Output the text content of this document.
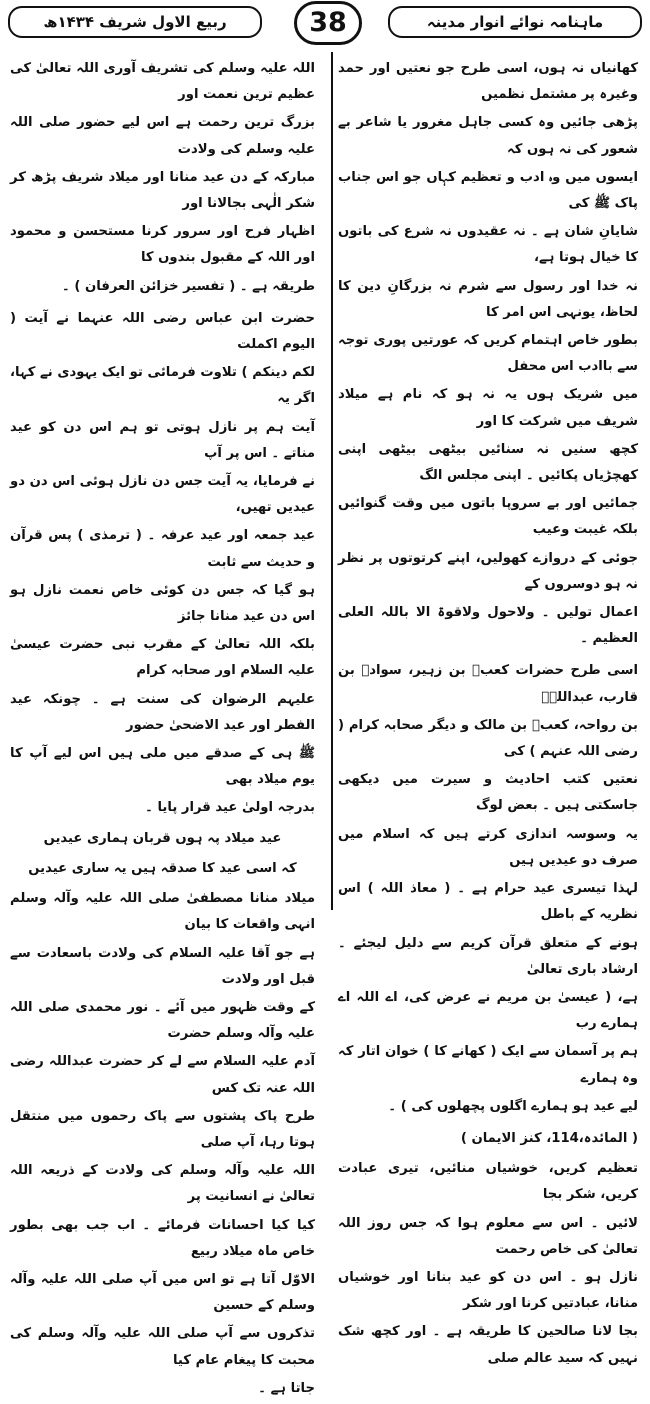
ماہنامہ نوائے انوار مدینہ
38
ربیع الاول شریف ۱۴۳۴ھ

کھانیاں نہ ہوں، اسی طرح جو نعتیں اور حمد وغیرہ پر مشتمل نظمیں

پڑھی جائیں وہ کسی جاہل مغرور یا شاعر بے شعور کی نہ ہوں کہ

ایسوں میں وہ ادب و تعظیم کہاں جو اس جناب پاک ﷺ کی

شایانِ شان ہے ۔ نہ عقیدوں نہ شرع کی باتوں کا خیال ہوتا ہے،

نہ خدا اور رسول سے شرم نہ بزرگانِ دین کا لحاظ، یونہی اس امر کا

بطور خاص اہتمام کریں کہ عورتیں پوری توجہ سے باادب اس محفل

میں شریک ہوں یہ نہ ہو کہ نام ہے میلاد شریف میں شرکت کا اور

کچھ سنیں نہ سنائیں بیٹھی بیٹھی اپنی کھچڑیاں پکائیں ۔ اپنی مجلس الگ

جمائیں اور بے سروپا باتوں میں وقت گنوائیں بلکہ غیبت وعیب

جوئی کے دروازے کھولیں، اپنے کرتوتوں پر نظر نہ ہو دوسروں کے

اعمال تولیں ۔ ولاحول ولاقوۃ الا باللہ العلی العظیم ۔

اسی طرح حضرات کعبؓ بن زہیر، سوادؓ بن قارب، عبداللہؓ

بن رواحہ، کعبؓ بن مالک و دیگر صحابہ کرام ( رضی اللہ عنہم ) کی

نعتیں کتب احادیث و سیرت میں دیکھی جاسکتی ہیں ۔ بعض لوگ

یہ وسوسہ اندازی کرتے ہیں کہ اسلام میں صرف دو عیدیں ہیں

لہذا تیسری عید حرام ہے ۔ ( معاذ اللہ ) اس نظریہ کے باطل

ہونے کے متعلق قرآن کریم سے دلیل لیجئے ۔ ارشاد باری تعالیٰ

ہے، ( عیسیٰ بن مریم نے عرض کی، اے اللہ اے ہمارے رب

ہم پر آسمان سے ایک ( کھانے کا ) خوان اتار کہ وہ ہمارے

لیے عید ہو ہمارے اگلوں پچھلوں کی ) ۔

( المائدہ،114، کنز الایمان )

تعظیم کریں، خوشیاں منائیں، تیری عبادت کریں، شکر بجا

لائیں ۔ اس سے معلوم ہوا کہ جس روز اللہ تعالیٰ کی خاص رحمت

نازل ہو ۔ اس دن کو عید بنانا اور خوشیاں منانا، عبادتیں کرنا اور شکر

بجا لانا صالحین کا طریقہ ہے ۔ اور کچھ شک نہیں کہ سید عالم صلی

اللہ علیہ وسلم کی تشریف آوری اللہ تعالیٰ کی عظیم ترین نعمت اور

بزرگ ترین رحمت ہے اس لیے حضور صلی اللہ علیہ وسلم کی ولادت

مبارکہ کے دن عید منانا اور میلاد شریف پڑھ کر شکر الٰہی بجالانا اور

اظہار فرح اور سرور کرنا مستحسن و محمود اور اللہ کے مقبول بندوں کا

طریقہ ہے ۔ ( تفسیر خزائن العرفان ) ۔

حضرت ابن عباس رضی اللہ عنہما نے آیت ( الیوم اکملت

لکم دینکم ) تلاوت فرمائی تو ایک یہودی نے کہا، اگر یہ

آیت ہم پر نازل ہوتی تو ہم اس دن کو عید مناتے ۔ اس پر آپ

نے فرمایا، یہ آیت جس دن نازل ہوئی اس دن دو عیدیں تھیں،

عید جمعہ اور عید عرفہ ۔ ( ترمذی ) پس قرآن و حدیث سے ثابت

ہو گیا کہ جس دن کوئی خاص نعمت نازل ہو اس دن عید منانا جائز

بلکہ اللہ تعالیٰ کے مقرب نبی حضرت عیسیٰ علیہ السلام اور صحابہ کرام

علیہم الرضوان کی سنت ہے ۔ چونکہ عید الفطر اور عید الاضحیٰ حضور

ﷺ ہی کے صدقے میں ملی ہیں اس لیے آپ کا یوم میلاد بھی

بدرجہ اولیٰ عید قرار پایا ۔

عید میلاد پہ ہوں قربان ہماری عیدیں

کہ اسی عید کا صدقہ ہیں یہ ساری عیدیں

میلاد منانا مصطفیٰ صلی اللہ علیہ وآلہ وسلم انہی واقعات کا بیان

ہے جو آقا علیہ السلام کی ولادت باسعادت سے قبل اور ولادت

کے وقت ظہور میں آئے ۔ نور محمدی صلی اللہ علیہ وآلہ وسلم حضرت

آدم علیہ السلام سے لے کر حضرت عبداللہ رضی اللہ عنہ تک کس

طرح پاک پشتوں سے پاک رحموں میں منتقل ہوتا رہا، آپ صلی

اللہ علیہ وآلہ وسلم کی ولادت کے ذریعہ اللہ تعالیٰ نے انسانیت پر

کیا کیا احسانات فرمائے ۔ اب جب بھی بطور خاص ماہ میلاد ربیع

الاوّل آتا ہے تو اس میں آپ صلی اللہ علیہ وآلہ وسلم کے حسین

تذکروں سے آپ صلی اللہ علیہ وآلہ وسلم کی محبت کا پیغام عام کیا

جاتا ہے ۔
